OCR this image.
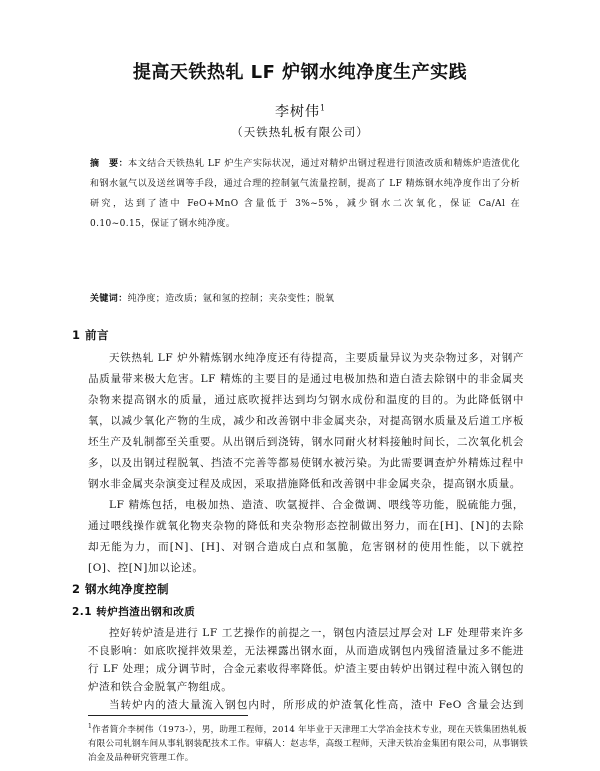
提高天铁热轧 LF 炉钢水纯净度生产实践
李树伟$^1$
（天铁热轧板有限公司）
摘　要：本文结合天铁热轧 LF 炉生产实际状况，通过对精炉出钢过程进行顶渣改质和精炼炉造渣优化和钢水氩气以及送丝调等手段，通过合理的控制氩气流量控制，提高了 LF 精炼钢水纯净度作出了分析研究，达到了渣中 FeO+MnO 含量低于 3%~5%，减少钢水二次氧化，保证 Ca/Al 在 0.10~0.15，保证了钢水纯净度。
关键词：纯净度；造改质；氩和氢的控制；夹杂变性；脱氧
1 前言
天铁热轧 LF 炉外精炼钢水纯净度还有待提高，主要质量异议为夹杂物过多，对钢产品质量带来极大危害。LF 精炼的主要目的是通过电极加热和造白渣去除钢中的非金属夹杂物来提高钢水的质量，通过底吹搅拌达到均匀钢水成份和温度的目的。为此降低钢中氧，以减少氧化产物的生成，减少和改善钢中非金属夹杂，对提高钢水质量及后道工序板坯生产及轧制都至关重要。从出钢后到浇铸，钢水同耐火材料接触时间长，二次氧化机会多，以及出钢过程脱氧、挡渣不完善等都易使钢水被污染。为此需要调查炉外精炼过程中钢水非金属夹杂演变过程及成因，采取措施降低和改善钢中非金属夹杂，提高钢水质量。
LF 精炼包括，电极加热、造渣、吹氩搅拌、合金微调、喂线等功能，脱硫能力强，通过喂线操作就氧化物夹杂物的降低和夹杂物形态控制做出努力，而在[H]、[N]的去除却无能为力，而[N]、[H]、对钢合造成白点和氢脆，危害钢材的使用性能，以下就控[O]、控[N]加以论述。
2 钢水纯净度控制
2.1 转炉挡渣出钢和改质
控好转炉渣是进行 LF 工艺操作的前提之一，钢包内渣层过厚会对 LF 处理带来许多不良影响：如底吹搅拌效果差，无法裸露出钢水面，从而造成钢包内残留渣量过多不能进行 LF 处理；成分调节时，合金元素收得率降低。炉渣主要由转炉出钢过程中流入钢包的炉渣和铁合金脱氧产物组成。
当转炉内的渣大量流入钢包内时，所形成的炉渣氧化性高，渣中 FeO 含量会达到
$^1$作者简介李树伟（1973-），男，助理工程师，2014 年毕业于天津理工大学冶金技术专业，现在天铁集团热轧板有限公司轧钢车间从事轧钢装配技术工作。审稿人：赵志华，高级工程师，天津天铁冶金集团有限公司，从事钢铁冶金及品种研究管理工作。
